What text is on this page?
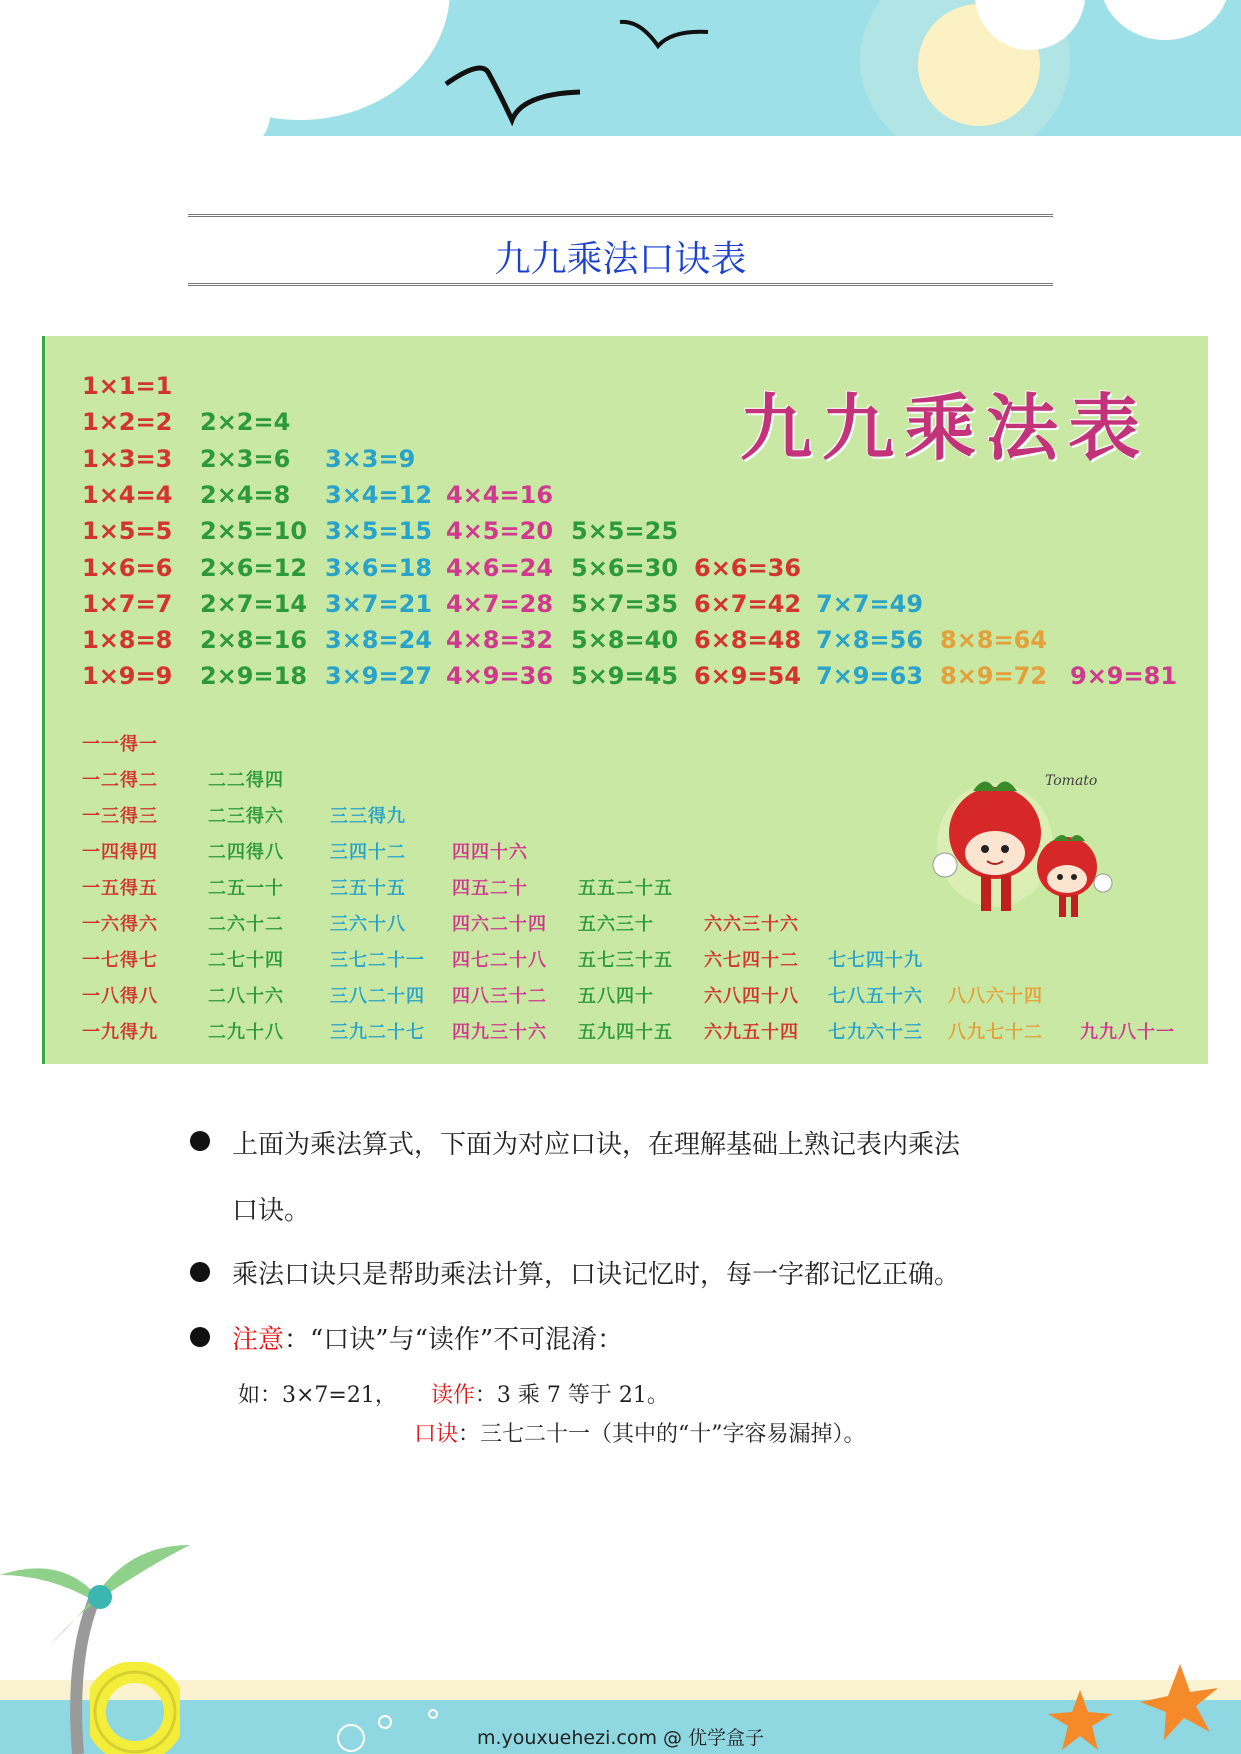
九九乘法口诀表
九九乘法表
1×1=1
1×2=2 2×2=4
1×3=3 2×3=6 3×3=9
1×4=4 2×4=8 3×4=12 4×4=16
1×5=5 2×5=10 3×5=15 4×5=20 5×5=25
1×6=6 2×6=12 3×6=18 4×6=24 5×6=30 6×6=36
1×7=7 2×7=14 3×7=21 4×7=28 5×7=35 6×7=42 7×7=49
1×8=8 2×8=16 3×8=24 4×8=32 5×8=40 6×8=48 7×8=56 8×8=64
1×9=9 2×9=18 3×9=27 4×9=36 5×9=45 6×9=54 7×9=63 8×9=72 9×9=81
一一得一
一二得二	二二得四
一三得三	二三得六	三三得九
一四得四	二四得八	三四十二	四四十六
一五得五	二五一十	三五十五	四五二十	五五二十五
一六得六	二六十二	三六十八	四六二十四 五六三十	六六三十六
一七得七	二七十四	三七二十一 四七二十八 五七三十五 六七四十二 七七四十九
一八得八	二八十六	三八二十四 四八三十二 五八四十	六八四十八 七八五十六 八八六十四
一九得九	二九十八	三九二十七 四九三十六 五九四十五 六九五十四 七九六十三 八九七十二 九九八十一
Tomato
上面为乘法算式，下面为对应口诀，在理解基础上熟记表内乘法
口诀。
乘法口诀只是帮助乘法计算，口诀记忆时，每一字都记忆正确。
注意：“口诀”与“读作”不可混淆：
如：3×7=21， 读作：3 乘 7 等于 21。
口诀：三七二十一（其中的“十”字容易漏掉）。
m.youxuehezi.com @ 优学盒子
